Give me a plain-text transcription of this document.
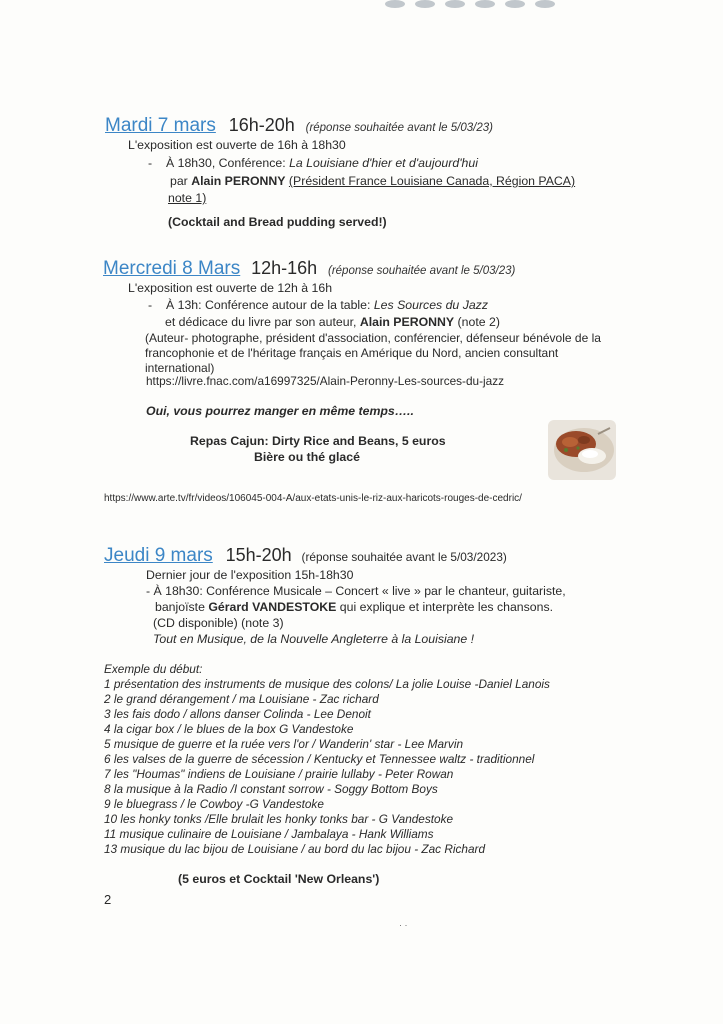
Mardi 7 mars 16h-20h (réponse souhaitée avant le 5/03/23)
L'exposition est ouverte de 16h à 18h30
- À 18h30, Conférence: La Louisiane d'hier et d'aujourd'hui
par Alain PERONNY (Président France Louisiane Canada, Région PACA)
note 1)
(Cocktail and Bread pudding served!)
Mercredi 8 Mars 12h-16h (réponse souhaitée avant le 5/03/23)
L'exposition est ouverte de 12h à 16h
- À 13h: Conférence autour de la table: Les Sources du Jazz
et dédicace du livre par son auteur, Alain PERONNY (note 2)
(Auteur- photographe, président d'association, conférencier, défenseur bénévole de la francophonie et de l'héritage français en Amérique du Nord, ancien consultant international)
https://livre.fnac.com/a16997325/Alain-Peronny-Les-sources-du-jazz
Oui, vous pourrez manger en même temps…..
Repas Cajun: Dirty Rice and Beans, 5 euros
Bière ou thé glacé
https://www.arte.tv/fr/videos/106045-004-A/aux-etats-unis-le-riz-aux-haricots-rouges-de-cedric/
Jeudi 9 mars 15h-20h (réponse souhaitée avant le 5/03/2023)
Dernier jour de l'exposition 15h-18h30
- À 18h30: Conférence Musicale – Concert « live » par le chanteur, guitariste,
banjoïste Gérard VANDESTOKE qui explique et interprète les chansons.
(CD disponible) (note 3)
Tout en Musique, de la Nouvelle Angleterre à la Louisiane !
Exemple du début:
1 présentation des instruments de musique des colons/ La jolie Louise -Daniel Lanois
2 le grand dérangement / ma Louisiane - Zac richard
3 les fais dodo / allons danser Colinda - Lee Denoit
4 la cigar box / le blues de la box G Vandestoke
5 musique de guerre et la ruée vers l'or / Wanderin' star - Lee Marvin
6 les valses de la guerre de sécession / Kentucky et Tennessee waltz - traditionnel
7 les "Houmas" indiens de Louisiane / prairie lullaby - Peter Rowan
8 la musique à la Radio /I constant sorrow - Soggy Bottom Boys
9 le bluegrass / le Cowboy -G Vandestoke
10 les honky tonks /Elle brulait les honky tonks bar - G Vandestoke
11 musique culinaire de Louisiane / Jambalaya - Hank Williams
13 musique du lac bijou de Louisiane / au bord du lac bijou - Zac Richard
(5 euros et Cocktail 'New Orleans')
2
· ·
